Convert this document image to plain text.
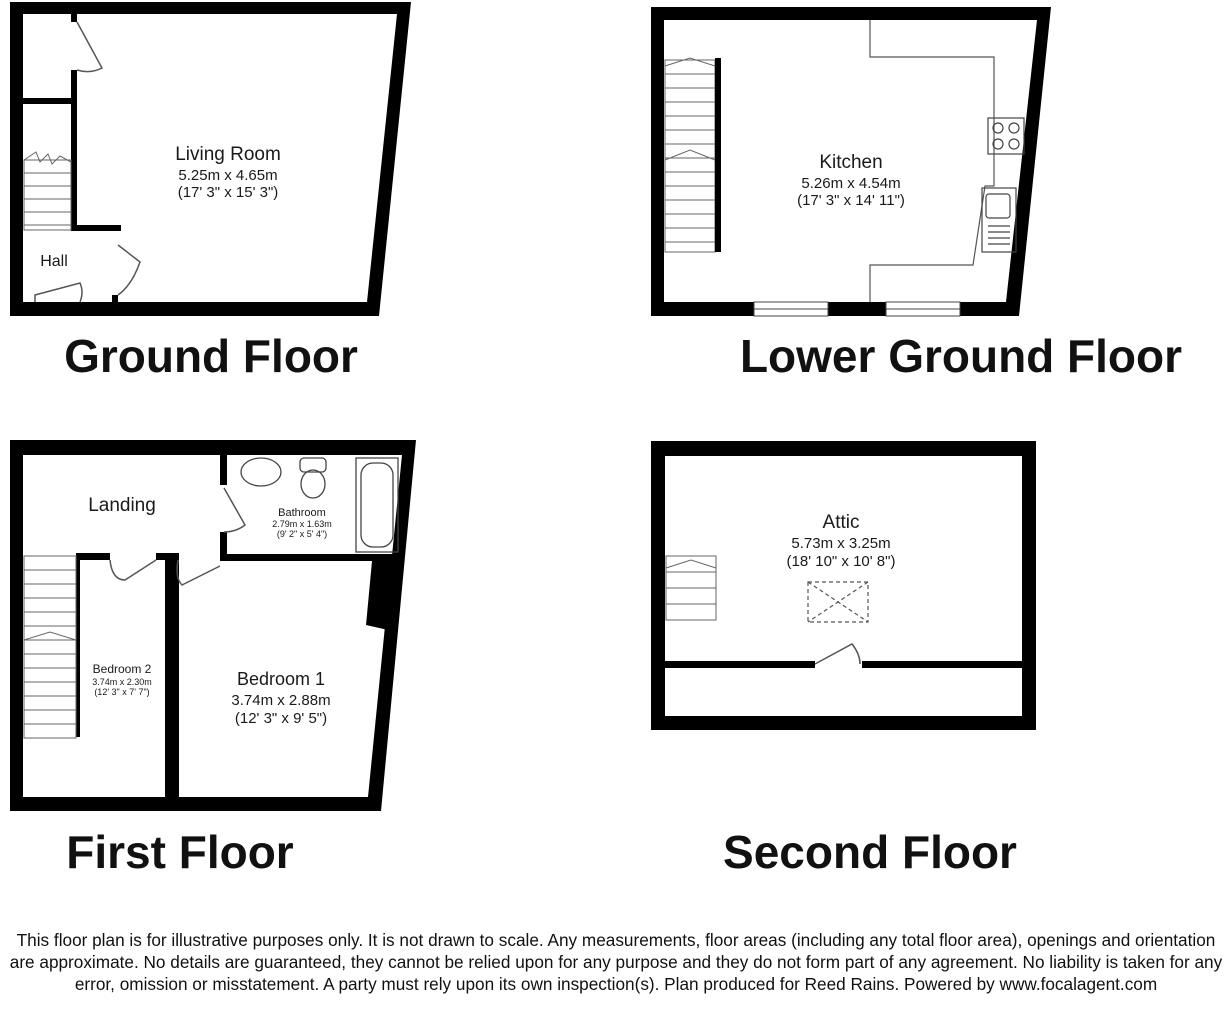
Living Room
5.25m x 4.65m
(17' 3" x 15' 3")
Hall
Ground Floor
Kitchen
5.26m x 4.54m
(17' 3" x 14' 11")
Lower Ground Floor
Landing	Bathroom
2.79m x 1.63m
(9' 2" x 5' 4")
Bedroom 2
3.74m x 2.30m
(12' 3" x 7' 7")
Bedroom 1
3.74m x 2.88m
(12' 3" x 9' 5")
First Floor
Attic
5.73m x 3.25m
(18' 10" x 10' 8")
Second Floor
This floor plan is for illustrative purposes only. It is not drawn to scale. Any measurements, floor areas (including any total floor area), openings and orientation are approximate. No details are guaranteed, they cannot be relied upon for any purpose and they do not form part of any agreement. No liability is taken for any error, omission or misstatement. A party must rely upon its own inspection(s). Plan produced for Reed Rains. Powered by www.focalagent.com
